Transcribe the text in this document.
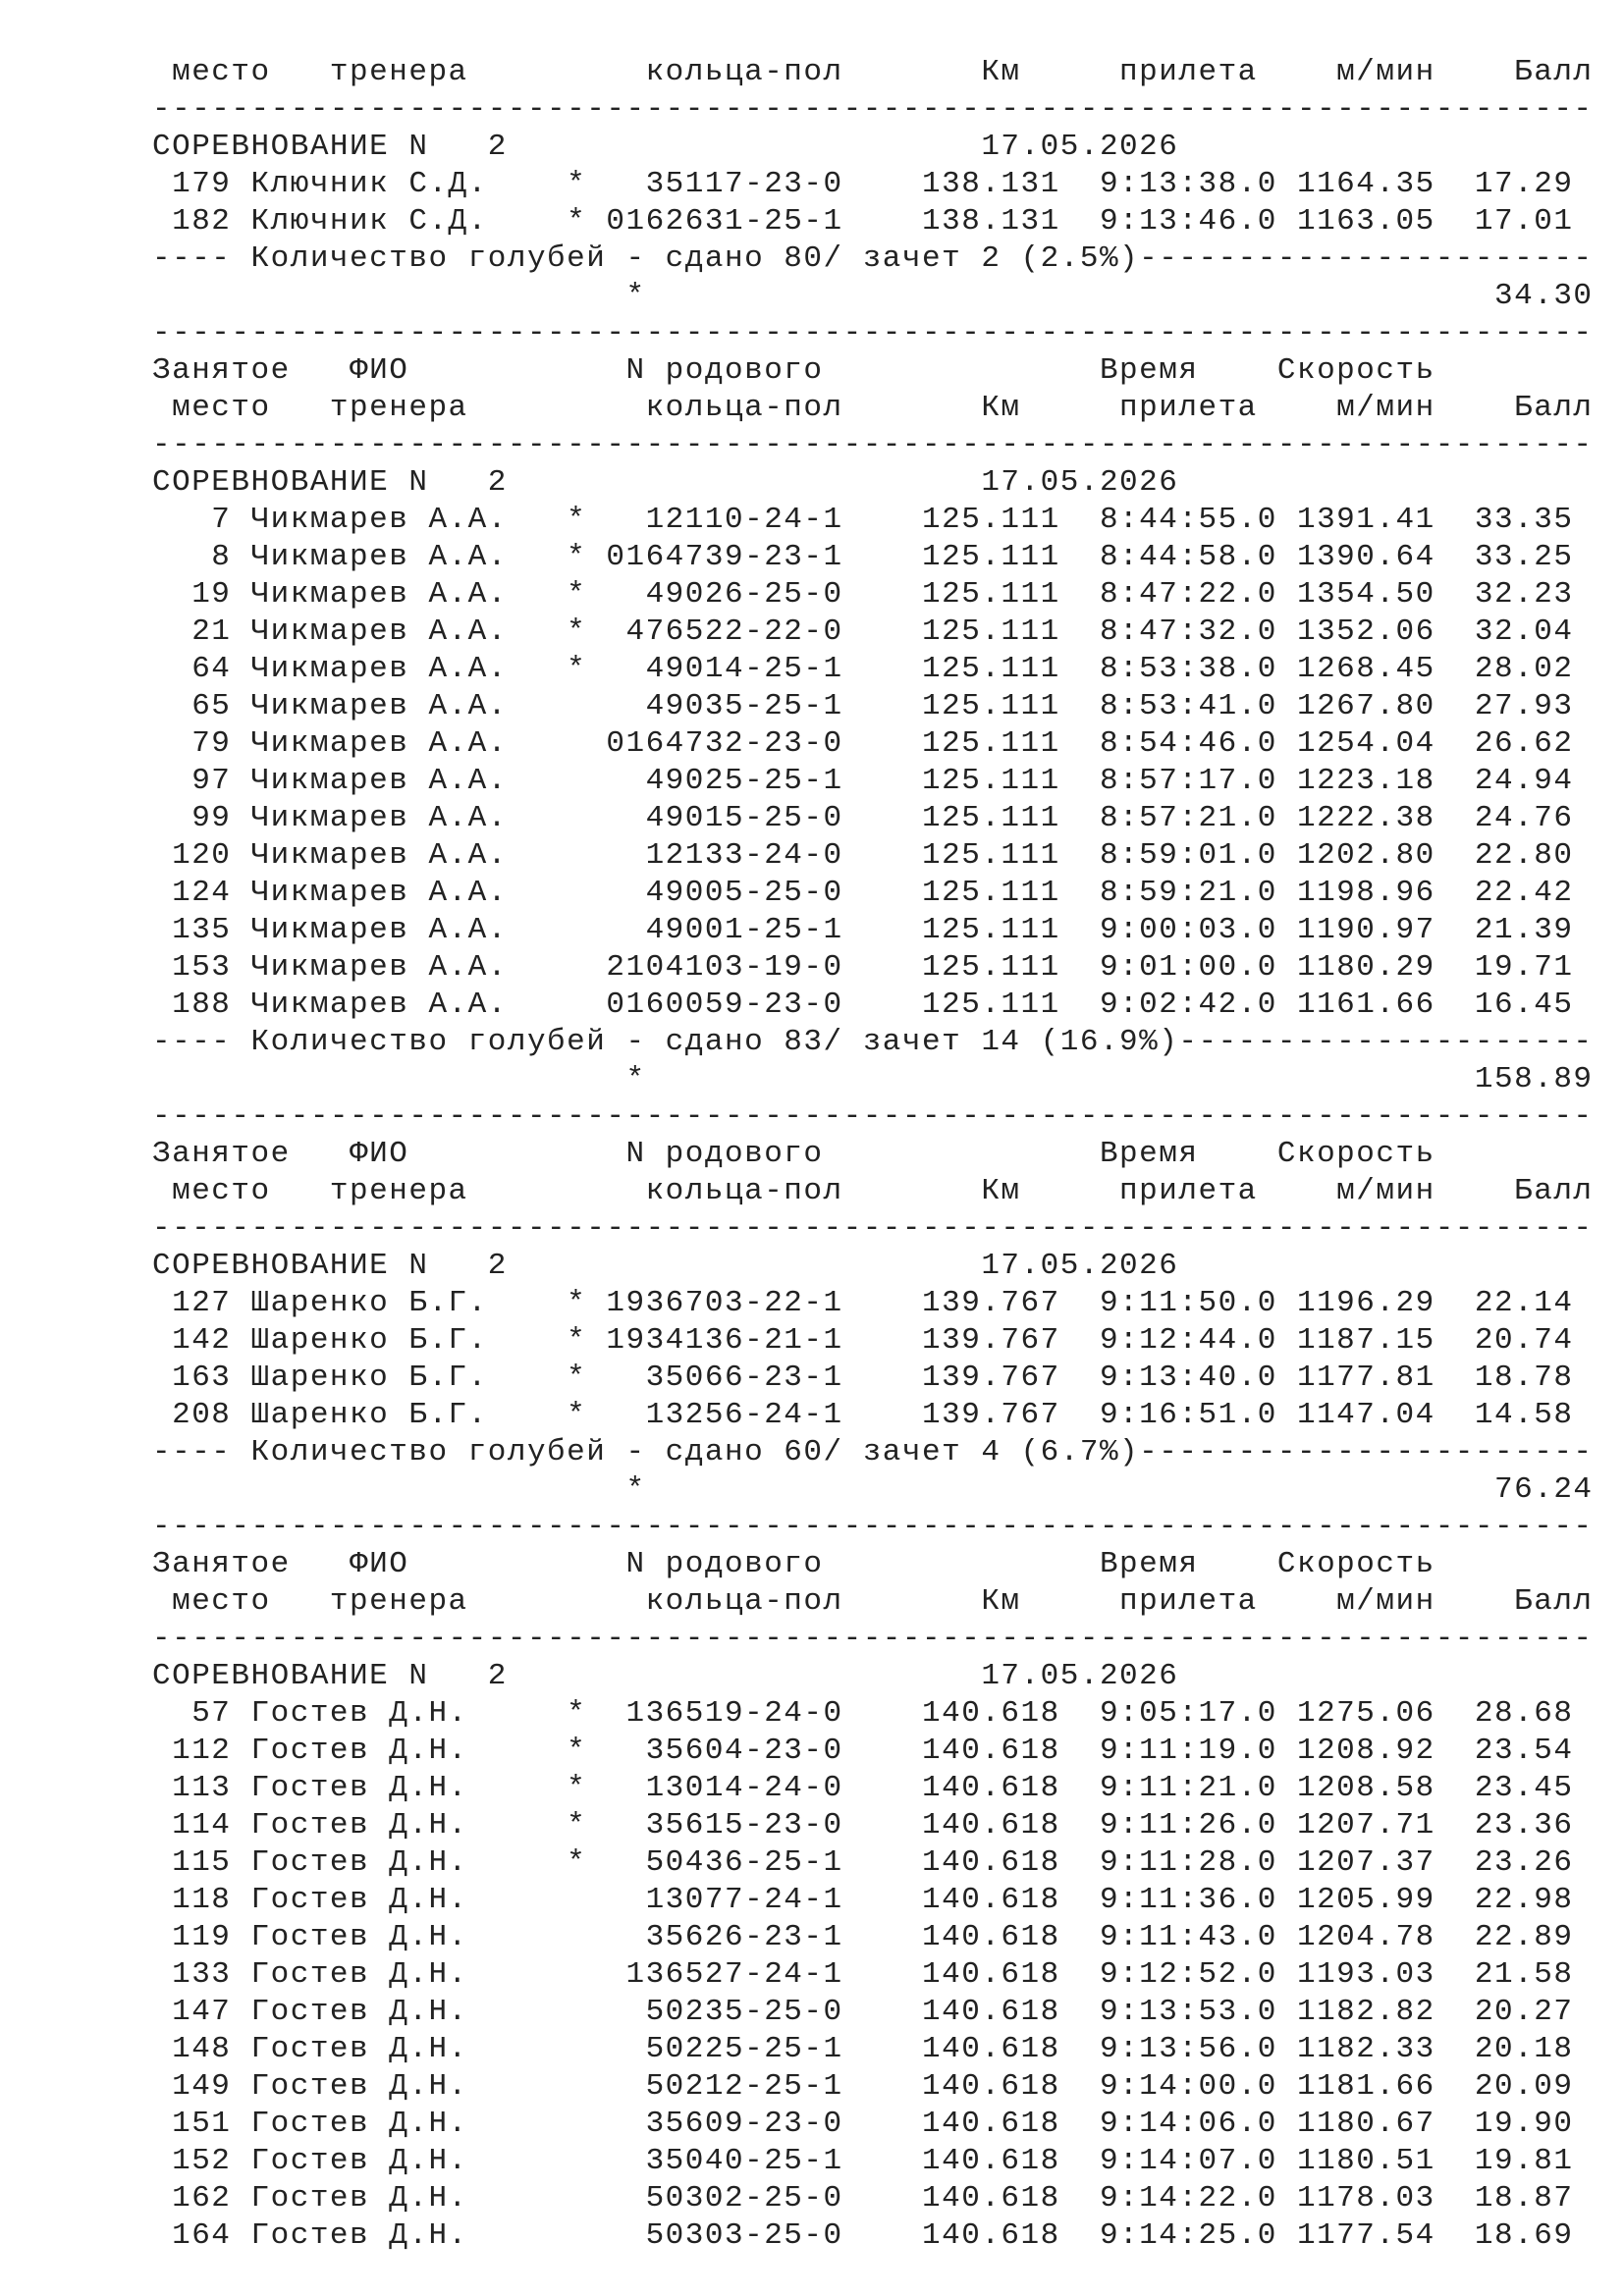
место   тренера         кольца-пол       Км     прилета    м/мин    Балл
-------------------------------------------------------------------------
СОРЕВНОВАНИЕ N   2                        17.05.2026
179 Ключник С.Д.    *   35117-23-0    138.131  9:13:38.0 1164.35  17.29
182 Ключник С.Д.    * 0162631-25-1    138.131  9:13:46.0 1163.05  17.01
---- Количество голубей - сдано 80/ зачет 2 (2.5%)-----------------------
*                                           34.30
-------------------------------------------------------------------------
Занятое   ФИО           N родового              Время    Скорость
место   тренера         кольца-пол       Км     прилета    м/мин    Балл
-------------------------------------------------------------------------
СОРЕВНОВАНИЕ N   2                        17.05.2026
7 Чикмарев А.А.   *   12110-24-1    125.111  8:44:55.0 1391.41  33.35
8 Чикмарев А.А.   * 0164739-23-1    125.111  8:44:58.0 1390.64  33.25
19 Чикмарев А.А.   *   49026-25-0    125.111  8:47:22.0 1354.50  32.23
21 Чикмарев А.А.   *  476522-22-0    125.111  8:47:32.0 1352.06  32.04
64 Чикмарев А.А.   *   49014-25-1    125.111  8:53:38.0 1268.45  28.02
65 Чикмарев А.А.       49035-25-1    125.111  8:53:41.0 1267.80  27.93
79 Чикмарев А.А.     0164732-23-0    125.111  8:54:46.0 1254.04  26.62
97 Чикмарев А.А.       49025-25-1    125.111  8:57:17.0 1223.18  24.94
99 Чикмарев А.А.       49015-25-0    125.111  8:57:21.0 1222.38  24.76
120 Чикмарев А.А.       12133-24-0    125.111  8:59:01.0 1202.80  22.80
124 Чикмарев А.А.       49005-25-0    125.111  8:59:21.0 1198.96  22.42
135 Чикмарев А.А.       49001-25-1    125.111  9:00:03.0 1190.97  21.39
153 Чикмарев А.А.     2104103-19-0    125.111  9:01:00.0 1180.29  19.71
188 Чикмарев А.А.     0160059-23-0    125.111  9:02:42.0 1161.66  16.45
---- Количество голубей - сдано 83/ зачет 14 (16.9%)---------------------
*                                          158.89
-------------------------------------------------------------------------
Занятое   ФИО           N родового              Время    Скорость
место   тренера         кольца-пол       Км     прилета    м/мин    Балл
-------------------------------------------------------------------------
СОРЕВНОВАНИЕ N   2                        17.05.2026
127 Шаренко Б.Г.    * 1936703-22-1    139.767  9:11:50.0 1196.29  22.14
142 Шаренко Б.Г.    * 1934136-21-1    139.767  9:12:44.0 1187.15  20.74
163 Шаренко Б.Г.    *   35066-23-1    139.767  9:13:40.0 1177.81  18.78
208 Шаренко Б.Г.    *   13256-24-1    139.767  9:16:51.0 1147.04  14.58
---- Количество голубей - сдано 60/ зачет 4 (6.7%)-----------------------
*                                           76.24
-------------------------------------------------------------------------
Занятое   ФИО           N родового              Время    Скорость
место   тренера         кольца-пол       Км     прилета    м/мин    Балл
-------------------------------------------------------------------------
СОРЕВНОВАНИЕ N   2                        17.05.2026
57 Гостев Д.Н.     *  136519-24-0    140.618  9:05:17.0 1275.06  28.68
112 Гостев Д.Н.     *   35604-23-0    140.618  9:11:19.0 1208.92  23.54
113 Гостев Д.Н.     *   13014-24-0    140.618  9:11:21.0 1208.58  23.45
114 Гостев Д.Н.     *   35615-23-0    140.618  9:11:26.0 1207.71  23.36
115 Гостев Д.Н.     *   50436-25-1    140.618  9:11:28.0 1207.37  23.26
118 Гостев Д.Н.         13077-24-1    140.618  9:11:36.0 1205.99  22.98
119 Гостев Д.Н.         35626-23-1    140.618  9:11:43.0 1204.78  22.89
133 Гостев Д.Н.        136527-24-1    140.618  9:12:52.0 1193.03  21.58
147 Гостев Д.Н.         50235-25-0    140.618  9:13:53.0 1182.82  20.27
148 Гостев Д.Н.         50225-25-1    140.618  9:13:56.0 1182.33  20.18
149 Гостев Д.Н.         50212-25-1    140.618  9:14:00.0 1181.66  20.09
151 Гостев Д.Н.         35609-23-0    140.618  9:14:06.0 1180.67  19.90
152 Гостев Д.Н.         35040-25-1    140.618  9:14:07.0 1180.51  19.81
162 Гостев Д.Н.         50302-25-0    140.618  9:14:22.0 1178.03  18.87
164 Гостев Д.Н.         50303-25-0    140.618  9:14:25.0 1177.54  18.69
